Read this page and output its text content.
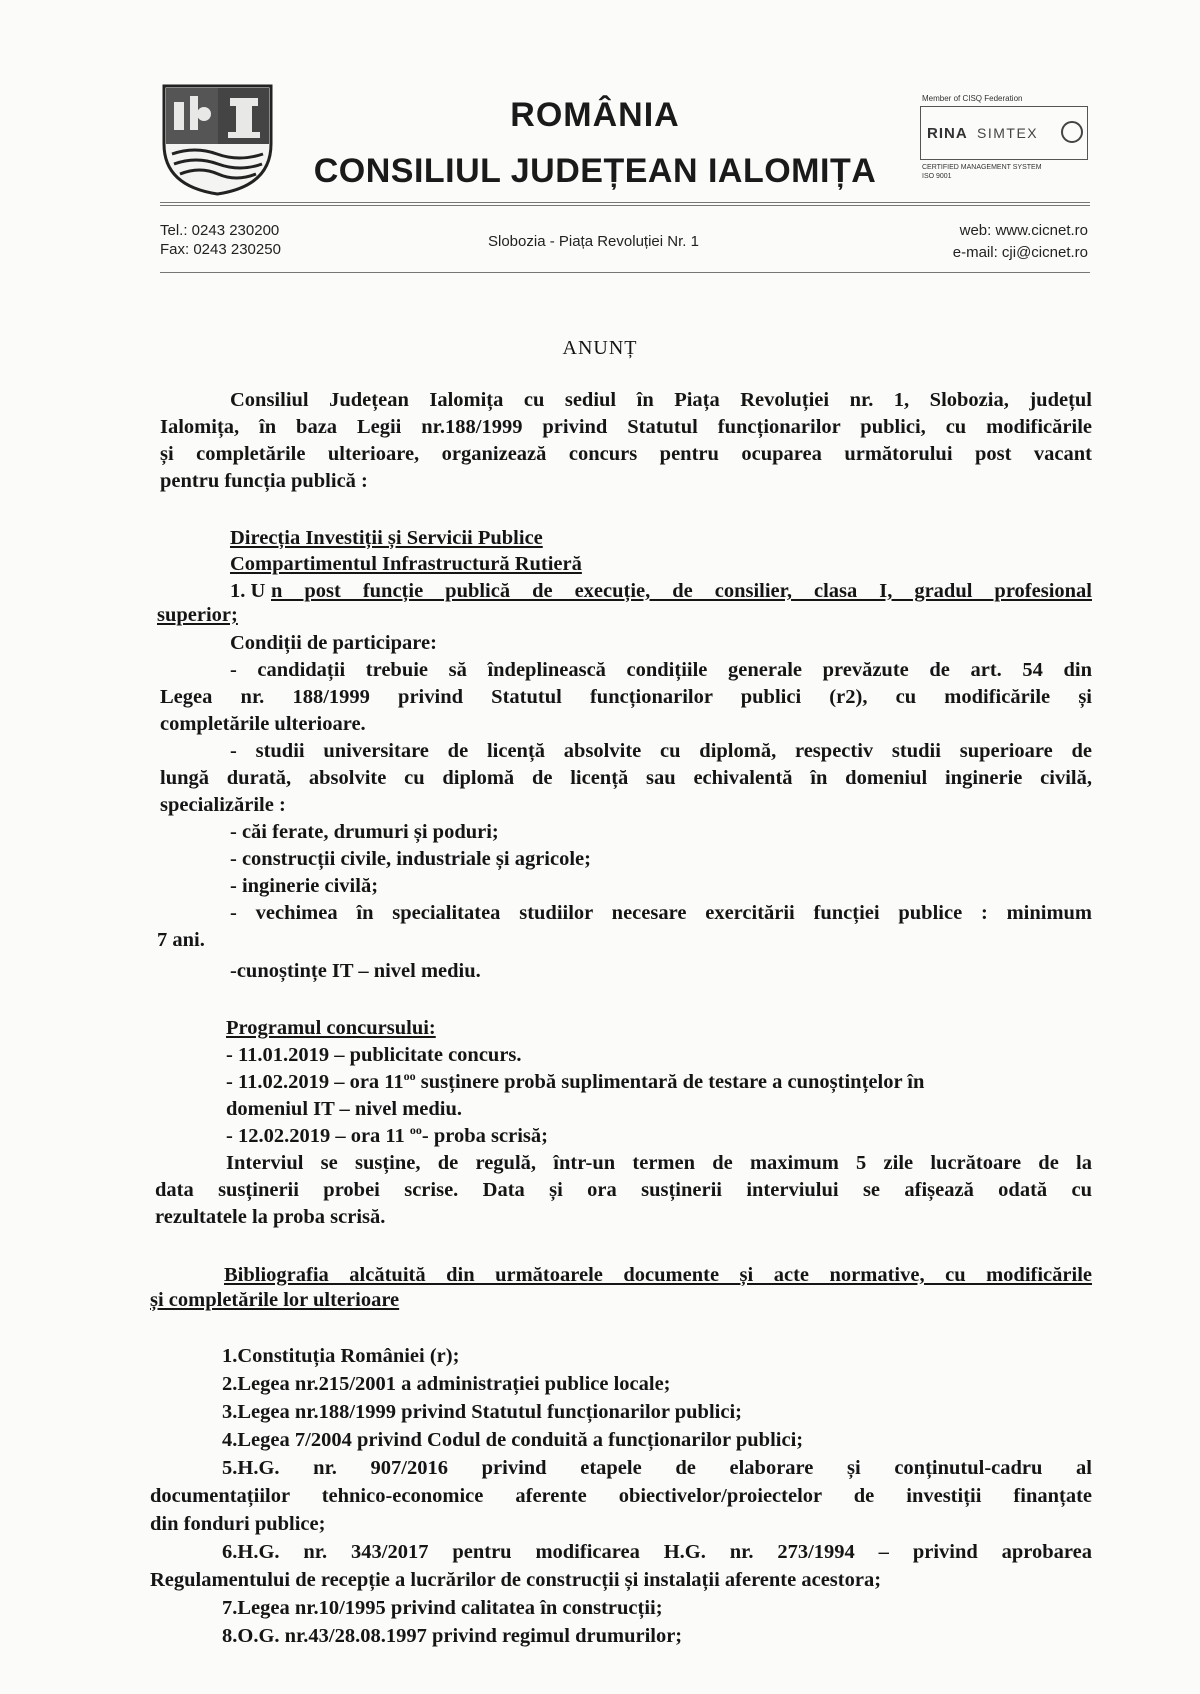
ROMÂNIA
CONSILIUL JUDEȚEAN IALOMIȚA
Member of CISQ Federation
RINA SIMTEX
CERTIFIED MANAGEMENT SYSTEM
ISO 9001
Tel.: 0243 230200
Fax: 0243 230250	Slobozia - Piața Revoluției Nr. 1
web: www.cicnet.ro
e-mail: cji@cicnet.ro
ANUNȚ
Consiliul Județean Ialomița cu sediul în Piața Revoluției nr. 1, Slobozia, județul
Ialomița, în baza Legii nr.188/1999 privind Statutul funcționarilor publici, cu modificările
și completările ulterioare, organizează concurs pentru ocuparea următorului post vacant
pentru funcția publică :
Direcția Investiții și Servicii Publice
Compartimentul Infrastructură Rutieră
1. U n post funcție publică de execuție, de consilier, clasa I, gradul profesional
superior;
Condiții de participare:
- candidații trebuie să îndeplinească condițiile generale prevăzute de art. 54 din
Legea nr. 188/1999 privind Statutul funcționarilor publici (r2), cu modificările și
completările ulterioare.
- studii universitare de licență absolvite cu diplomă, respectiv studii superioare de
lungă durată, absolvite cu diplomă de licență sau echivalentă în domeniul inginerie civilă,
specializările :
- căi ferate, drumuri și poduri;
- construcții civile, industriale și agricole;
- inginerie civilă;
- vechimea în specialitatea studiilor necesare exercitării funcției publice : minimum
7 ani.
-cunoștințe IT – nivel mediu.
Programul concursului:
- 11.01.2019 – publicitate concurs.
- 11.02.2019 – ora $11^{oo}$ susținere probă suplimentară de testare a cunoștințelor în
domeniul IT – nivel mediu.
- 12.02.2019 – ora 11 $^{oo}$- proba scrisă;
Interviul se susține, de regulă, într-un termen de maximum 5 zile lucrătoare de la
data susținerii probei scrise. Data și ora susținerii interviului se afișează odată cu
rezultatele la proba scrisă.
Bibliografia alcătuită din următoarele documente și acte normative, cu modificările
și completările lor ulterioare
1.Constituția României (r);
2.Legea nr.215/2001 a administrației publice locale;
3.Legea nr.188/1999 privind Statutul funcționarilor publici;
4.Legea 7/2004 privind Codul de conduită a funcționarilor publici;
5.H.G. nr. 907/2016 privind etapele de elaborare și conținutul-cadru al
documentațiilor tehnico-economice aferente obiectivelor/proiectelor de investiții finanțate
din fonduri publice;
6.H.G. nr. 343/2017 pentru modificarea H.G. nr. 273/1994 – privind aprobarea
Regulamentului de recepție a lucrărilor de construcții și instalații aferente acestora;
7.Legea nr.10/1995 privind calitatea în construcții;
8.O.G. nr.43/28.08.1997 privind regimul drumurilor;
